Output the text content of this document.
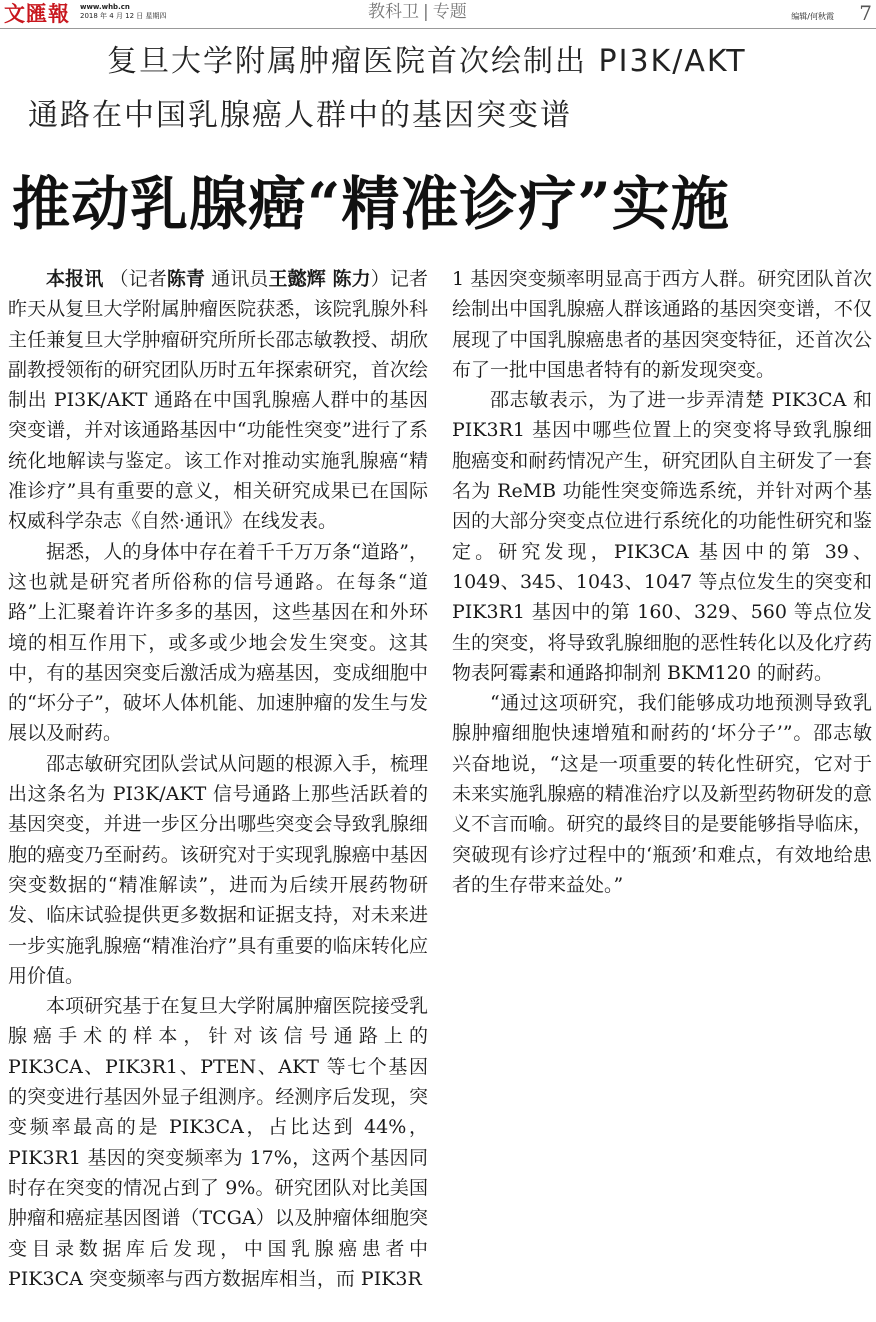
文匯報 www.whb.cn
2018 年 4 月 12 日 星期四	教科卫 | 专题	编辑/何秋霞 7
复旦大学附属肿瘤医院首次绘制出 PI3K/AKT
通路在中国乳腺癌人群中的基因突变谱
推动乳腺癌“精准诊疗”实施

本报讯 （记者陈青 通讯员王懿辉 陈力）记者昨天从复旦大学附属肿瘤医院获悉，该院乳腺外科主任兼复旦大学肿瘤研究所所长邵志敏教授、胡欣副教授领衔的研究团队历时五年探索研究，首次绘制出 PI3K/AKT 通路在中国乳腺癌人群中的基因突变谱，并对该通路基因中“功能性突变”进行了系统化地解读与鉴定。该工作对推动实施乳腺癌“精准诊疗”具有重要的意义，相关研究成果已在国际权威科学杂志《自然·通讯》在线发表。

据悉，人的身体中存在着千千万万条“道路”，这也就是研究者所俗称的信号通路。在每条“道路”上汇聚着许许多多的基因，这些基因在和外环境的相互作用下，或多或少地会发生突变。这其中，有的基因突变后激活成为癌基因，变成细胞中的“坏分子”，破坏人体机能、加速肿瘤的发生与发展以及耐药。

邵志敏研究团队尝试从问题的根源入手，梳理出这条名为 PI3K/AKT 信号通路上那些活跃着的基因突变，并进一步区分出哪些突变会导致乳腺细胞的癌变乃至耐药。该研究对于实现乳腺癌中基因突变数据的“精准解读”，进而为后续开展药物研发、临床试验提供更多数据和证据支持，对未来进一步实施乳腺癌“精准治疗”具有重要的临床转化应用价值。

本项研究基于在复旦大学附属肿瘤医院接受乳腺癌手术的样本，针对该信号通路上的 PIK3CA、PIK3R1、PTEN、AKT 等七个基因的突变进行基因外显子组测序。经测序后发现，突变频率最高的是 PIK3CA，占比达到 44%，PIK3R1 基因的突变频率为 17%，这两个基因同时存在突变的情况占到了 9%。研究团队对比美国肿瘤和癌症基因图谱（TCGA）以及肿瘤体细胞突变目录数据库后发现，中国乳腺癌患者中 PIK3CA 突变频率与西方数据库相当，而 PIK3R

1 基因突变频率明显高于西方人群。研究团队首次绘制出中国乳腺癌人群该通路的基因突变谱，不仅展现了中国乳腺癌患者的基因突变特征，还首次公布了一批中国患者特有的新发现突变。

邵志敏表示，为了进一步弄清楚 PIK3CA 和 PIK3R1 基因中哪些位置上的突变将导致乳腺细胞癌变和耐药情况产生，研究团队自主研发了一套名为 ReMB 功能性突变筛选系统，并针对两个基因的大部分突变点位进行系统化的功能性研究和鉴定。研究发现，PIK3CA 基因中的第 39、1049、345、1043、1047 等点位发生的突变和 PIK3R1 基因中的第 160、329、560 等点位发生的突变，将导致乳腺细胞的恶性转化以及化疗药物表阿霉素和通路抑制剂 BKM120 的耐药。

“通过这项研究，我们能够成功地预测导致乳腺肿瘤细胞快速增殖和耐药的‘坏分子’”。邵志敏兴奋地说，“这是一项重要的转化性研究，它对于未来实施乳腺癌的精准治疗以及新型药物研发的意义不言而喻。研究的最终目的是要能够指导临床，突破现有诊疗过程中的‘瓶颈’和难点，有效地给患者的生存带来益处。”
